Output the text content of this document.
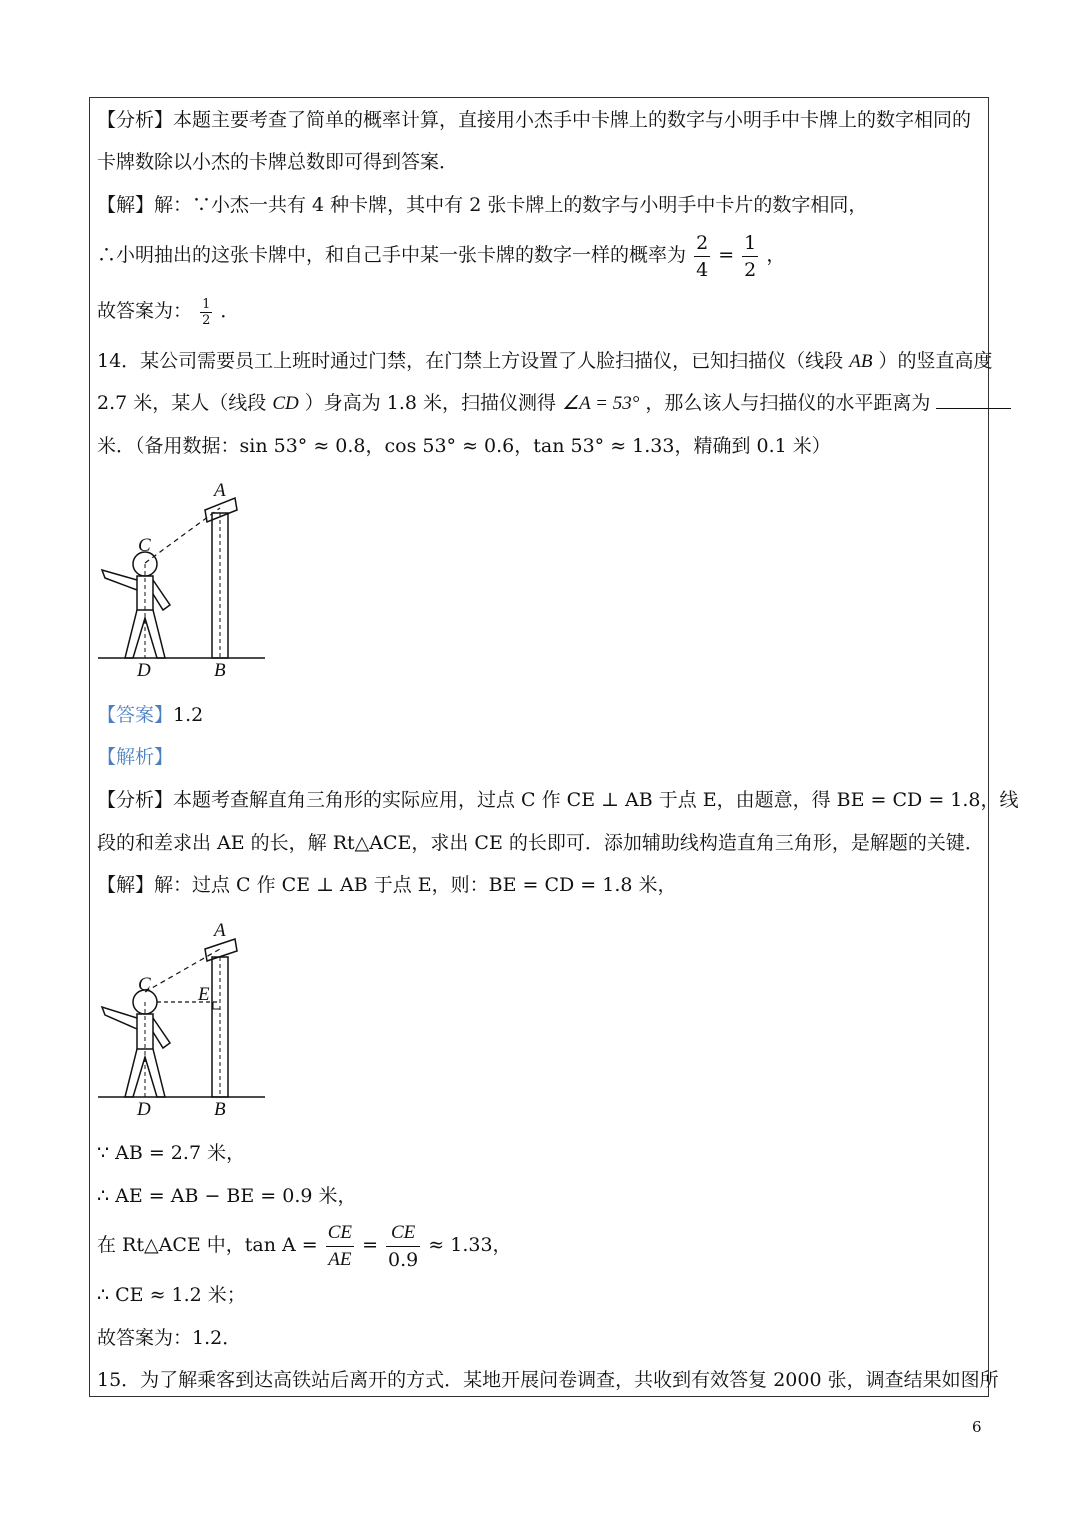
【分析】本题主要考查了简单的概率计算，直接用小杰手中卡牌上的数字与小明手中卡牌上的数字相同的
卡牌数除以小杰的卡牌总数即可得到答案．
【解】解：∵小杰一共有 4 种卡牌，其中有 2 张卡牌上的数字与小明手中卡片的数字相同，
∴小明抽出的这张卡牌中，和自己手中某一张卡牌的数字一样的概率为 $\frac{2}{4} = \frac{1}{2}$ ，
故答案为： $\frac{1}{2}$ ．
14．某公司需要员工上班时通过门禁，在门禁上方设置了人脸扫描仪，已知扫描仪（线段 AB ）的竖直高度
2.7 米，某人（线段 CD ）身高为 1.8 米，扫描仪测得 ∠A = 53° ，那么该人与扫描仪的水平距离为
米．（备用数据：sin 53° ≈ 0.8，cos 53° ≈ 0.6，tan 53° ≈ 1.33，精确到 0.1 米）
A
B
C
D
【答案】1.2
【解析】
【分析】本题考查解直角三角形的实际应用，过点 C 作 CE ⊥ AB 于点 E，由题意，得 BE = CD = 1.8，线
段的和差求出 AE 的长，解 Rt△ACE，求出 CE 的长即可．添加辅助线构造直角三角形，是解题的关键．
【解】解：过点 C 作 CE ⊥ AB 于点 E，则：BE = CD = 1.8 米，
A
B
C
D
E
∵ AB = 2.7 米，
∴ AE = AB − BE = 0.9 米，
在 Rt△ACE 中，$\tan A = \frac{CE}{AE} = \frac{CE}{0.9} \approx 1.33$，
∴ CE ≈ 1.2 米；
故答案为：1.2．
15．为了解乘客到达高铁站后离开的方式．某地开展问卷调查，共收到有效答复 2000 张，调查结果如图所
6
